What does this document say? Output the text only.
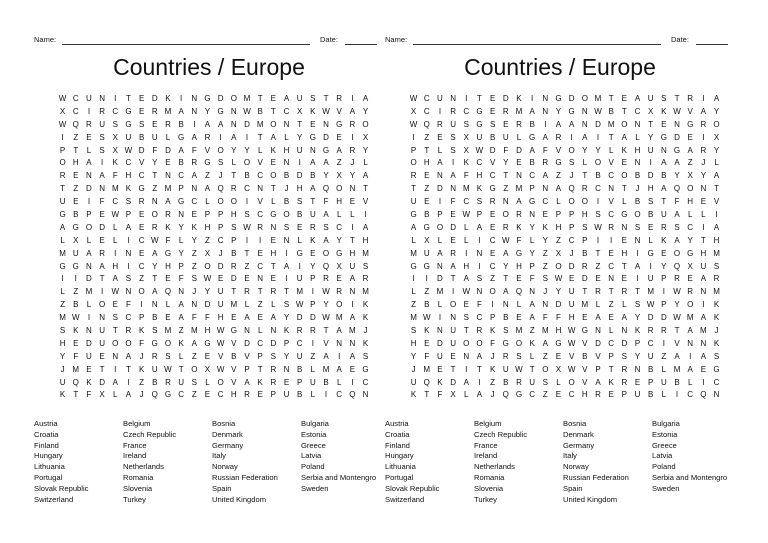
Name:	Date:
Countries / Europe
W C U N	I	T	E D K	I	N G D O M T	E A U S	T R	I	A
X C	I	R C G E R M A N Y G N W B	T C X K W V A Y
W Q R U S G S E R B	I	A A N D M O N T	E N G R O
I	Z	E S X U B U	L G A R	I	A	I	T	A	L	Y G D E	I	X
P	T	L	S X W D F D A	F	V O Y Y	L	K H U N G A R Y
O H A	I	K C V Y E B R G S	L O V E N	I	A A	Z	J	L
R E N A	F H C T N C A	Z	J	T	B C O B D B Y X Y A
T	Z D N M K G Z M P N A Q R C N T	J	H A Q O N T
U E	I	F C S R N A G C	L O O	I	V	L	B S	T	F H E V
G B P E W P E O R N E P P H S C G O B U A	L	L	I
A G O D	L	A E R K Y K H P S W R N S E R S C	I	A
L	X	L	E	L	I	C W F	L	Y	Z C P	I	I	E N	L	K A Y	T H
M U A R	I	N E A G Y	Z	X	J	B	T	E H	I	G E O G H M
G G N A H	I	C Y H P	Z O D R Z C T	A	I	Y Q X U S
I	I	D T	A S	Z	T	E	F	S W E D E N E	I	U P R E A R
L	Z M	I	W N O A Q N	J	Y U T R T R T M	I	W R N M
Z	B	L O E	F	I	N	L	A N D U M L	Z	L	S W P Y O	I	K
M W	I	N S C P B E A	F	F H E A E A Y D D W M A K
S K N U T R K S M Z M H W G N	L	N K R R T	A M J
H E D U O O F G O K A G W V D C D P C	I	V N N K
Y	F U E N A	J	R S	L	Z	E V B V P S Y U Z	A	I	A S
J M E	T	I	T	K U W T O X W V P	T R N B	L M A E G
U Q K D A	I	Z	B R U S	L O V A K R E P U B	L	I	C
K	T	F	X	L	A	J	Q G C Z	E C H R E P U B	L	I	C Q N
Austria
Croatia
Finland
Hungary
Lithuania
Portugal
Slovak Republic
Switzerland
Belgium
Czech Republic
France
Ireland
Netherlands
Romania
Slovenia
Turkey
Bosnia
Denmark
Germany
Italy
Norway
Russian Federation
Spain
United Kingdom
Bulgaria
Estonia
Greece
Latvia
Poland
Serbia and Montengro
Sweden
Name:	Date:
Countries / Europe
W C U N	I	T	E D K	I	N G D O M T	E A U S	T R	I	A
X C	I	R C G E R M A N Y G N W B	T C X K W V A Y
W Q R U S G S E R B	I	A A N D M O N T	E N G R O
I	Z	E S X U B U	L G A R	I	A	I	T	A	L	Y G D E	I	X
P	T	L	S X W D F D A	F	V O Y Y	L	K H U N G A R Y
O H A	I	K C V Y E B R G S	L O V E N	I	A A	Z	J	L
R E N A	F H C T N C A	Z	J	T	B C O B D B Y X Y A
T	Z D N M K G Z M P N A Q R C N T	J	H A Q O N T
U E	I	F C S R N A G C	L O O	I	V	L	B S	T	F H E V
G B P E W P E O R N E P P H S C G O B U A	L	L	I
A G O D	L	A E R K Y K H P S W R N S E R S C	I	A
L	X	L	E	L	I	C W F	L	Y	Z C P	I	I	E N	L	K A Y	T H
M U A R	I	N E A G Y	Z	X	J	B	T	E H	I	G E O G H M
G G N A H	I	C Y H P	Z O D R Z C T	A	I	Y Q X U S
I	I	D T	A S	Z	T	E	F	S W E D E N E	I	U P R E A R
L	Z M	I	W N O A Q N	J	Y U T R T R T M	I	W R N M
Z	B	L O E	F	I	N	L	A N D U M L	Z	L	S W P Y O	I	K
M W	I	N S C P B E A	F	F H E A E A Y D D W M A K
S K N U T R K S M Z M H W G N	L	N K R R T	A M J
H E D U O O F G O K A G W V D C D P C	I	V N N K
Y	F U E N A	J	R S	L	Z	E V B V P S Y U Z	A	I	A S
J M E	T	I	T	K U W T O X W V P	T R N B	L M A E G
U Q K D A	I	Z	B R U S	L O V A K R E P U B	L	I	C
K	T	F	X	L	A	J	Q G C Z	E C H R E P U B	L	I	C Q N
Austria
Croatia
Finland
Hungary
Lithuania
Portugal
Slovak Republic
Switzerland
Belgium
Czech Republic
France
Ireland
Netherlands
Romania
Slovenia
Turkey
Bosnia
Denmark
Germany
Italy
Norway
Russian Federation
Spain
United Kingdom
Bulgaria
Estonia
Greece
Latvia
Poland
Serbia and Montengro
Sweden
